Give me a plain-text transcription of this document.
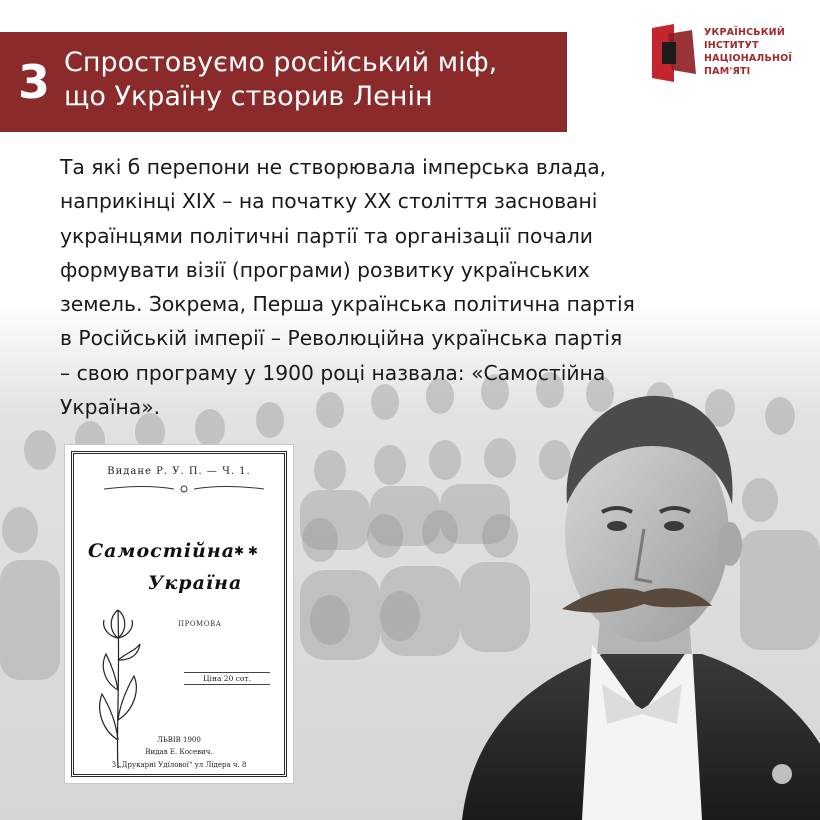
3 Спростовуємо російський міф,
що Україну створив Ленін
УКРАЇНСЬКИЙ
ІНСТИТУТ
НАЦІОНАЛЬНОЇ
ПАМ'ЯТІ
Та які б перепони не створювала імперська влада,
наприкінці XIX – на початку XX століття засновані
українцями політичні партії та організації почали
формувати візії (програми) розвитку українських
земель. Зокрема, Перша українська політична партія
в Російській імперії – Революційна українська партія
– свою програму у 1900 році назвала: «Самостійна
Україна».
Видане Р. У. П. — Ч. 1.
Самостійна
✱ ✱
Україна
ПРОМОВА
Ціна 20 сот.
ЛЬВІВ 1900
Видав Е. Косевич.
З „Друкарні Удїлової“ ул Лідера ч. 8
